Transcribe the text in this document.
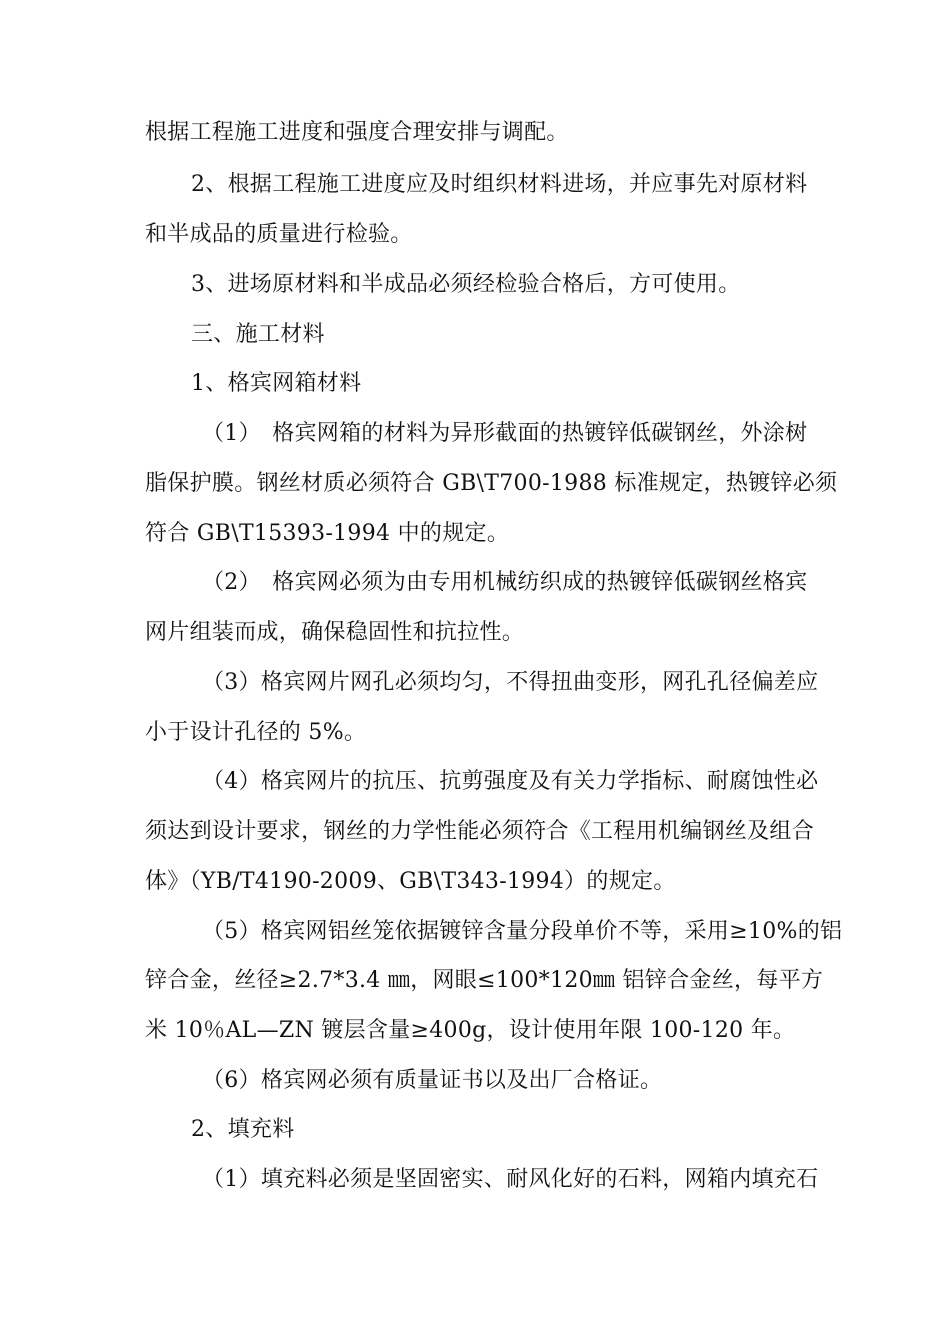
根据工程施工进度和强度合理安排与调配。
2、根据工程施工进度应及时组织材料进场，并应事先对原材料
和半成品的质量进行检验。
3、进场原材料和半成品必须经检验合格后，方可使用。
三、施工材料
1、格宾网箱材料
（1）　格宾网箱的材料为异形截面的热镀锌低碳钢丝，外涂树
脂保护膜。钢丝材质必须符合 GB\T700-1988 标准规定，热镀锌必须
符合 GB\T15393-1994 中的规定。
（2）　格宾网必须为由专用机械纺织成的热镀锌低碳钢丝格宾
网片组装而成，确保稳固性和抗拉性。
（3）格宾网片网孔必须均匀，不得扭曲变形，网孔孔径偏差应
小于设计孔径的 5%。
（4）格宾网片的抗压、抗剪强度及有关力学指标、耐腐蚀性必
须达到设计要求，钢丝的力学性能必须符合《工程用机编钢丝及组合
体》（YB/T4190-2009、GB\T343-1994）的规定。
（5）格宾网铝丝笼依据镀锌含量分段单价不等，采用≥10%的铝
锌合金，丝径≥2.7*3.4 ㎜，网眼≤100*120㎜ 铝锌合金丝，每平方
米 10％AL—ZN 镀层含量≥400g，设计使用年限 100-120 年。
（6）格宾网必须有质量证书以及出厂合格证。
2、填充料
（1）填充料必须是坚固密实、耐风化好的石料，网箱内填充石
